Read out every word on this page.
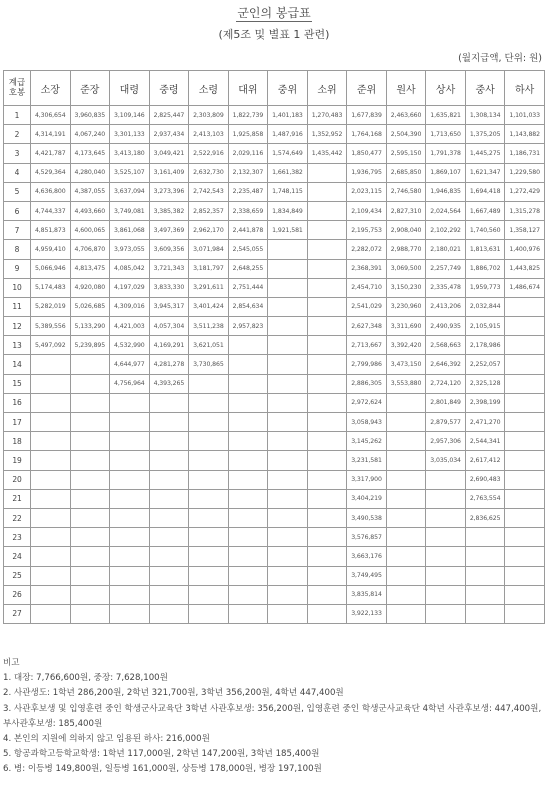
군인의 봉급표
(제5조 및 별표 1 관련)
(월지급액, 단위: 원)
계급
호봉	소장	준장	대령	중령	소령	대위	중위	소위	준위	원사	상사	중사	하사
1	4,306,654	3,960,835	3,109,146	2,825,447	2,303,809	1,822,739	1,401,183	1,270,483	1,677,839	2,463,660	1,635,821	1,308,134	1,101,033
2	4,314,191	4,067,240	3,301,133	2,937,434	2,413,103	1,925,858	1,487,916	1,352,952	1,764,168	2,504,390	1,713,650	1,375,205	1,143,882
3	4,421,787	4,173,645	3,413,180	3,049,421	2,522,916	2,029,116	1,574,649	1,435,442	1,850,477	2,595,150	1,791,378	1,445,275	1,186,731
4	4,529,364	4,280,040	3,525,107	3,161,409	2,632,730	2,132,307	1,661,382		1,936,795	2,685,850	1,869,107	1,621,347	1,229,580
5	4,636,800	4,387,055	3,637,094	3,273,396	2,742,543	2,235,487	1,748,115		2,023,115	2,746,580	1,946,835	1,694,418	1,272,429
6	4,744,337	4,493,660	3,749,081	3,385,382	2,852,357	2,338,659	1,834,849		2,109,434	2,827,310	2,024,564	1,667,489	1,315,278
7	4,851,873	4,600,065	3,861,068	3,497,369	2,962,170	2,441,878	1,921,581		2,195,753	2,908,040	2,102,292	1,740,560	1,358,127
8	4,959,410	4,706,870	3,973,055	3,609,356	3,071,984	2,545,055			2,282,072	2,988,770	2,180,021	1,813,631	1,400,976
9	5,066,946	4,813,475	4,085,042	3,721,343	3,181,797	2,648,255			2,368,391	3,069,500	2,257,749	1,886,702	1,443,825
10	5,174,483	4,920,080	4,197,029	3,833,330	3,291,611	2,751,444			2,454,710	3,150,230	2,335,478	1,959,773	1,486,674
11	5,282,019	5,026,685	4,309,016	3,945,317	3,401,424	2,854,634			2,541,029	3,230,960	2,413,206	2,032,844	
12	5,389,556	5,133,290	4,421,003	4,057,304	3,511,238	2,957,823			2,627,348	3,311,690	2,490,935	2,105,915	
13	5,497,092	5,239,895	4,532,990	4,169,291	3,621,051				2,713,667	3,392,420	2,568,663	2,178,986	
14			4,644,977	4,281,278	3,730,865				2,799,986	3,473,150	2,646,392	2,252,057	
15			4,756,964	4,393,265					2,886,305	3,553,880	2,724,120	2,325,128	
16									2,972,624		2,801,849	2,398,199	
17									3,058,943		2,879,577	2,471,270	
18									3,145,262		2,957,306	2,544,341	
19									3,231,581		3,035,034	2,617,412	
20									3,317,900			2,690,483	
21									3,404,219			2,763,554	
22									3,490,538			2,836,625	
23									3,576,857				
24									3,663,176				
25									3,749,495				
26									3,835,814				
27									3,922,133				
비고
1. 대장: 7,766,600원, 중장: 7,628,100원
2. 사관생도: 1학년 286,200원, 2학년 321,700원, 3학년 356,200원, 4학년 447,400원
3. 사관후보생 및 입영훈련 중인 학생군사교육단 3학년 사관후보생: 356,200원, 입영훈련 중인 학생군사교육단 4학년 사관후보생: 447,400원, 부사관후보생: 185,400원
4. 본인의 지원에 의하지 않고 임용된 하사: 216,000원
5. 항공과학고등학교학생: 1학년 117,000원, 2학년 147,200원, 3학년 185,400원
6. 병: 이등병 149,800원, 일등병 161,000원, 상등병 178,000원, 병장 197,100원
